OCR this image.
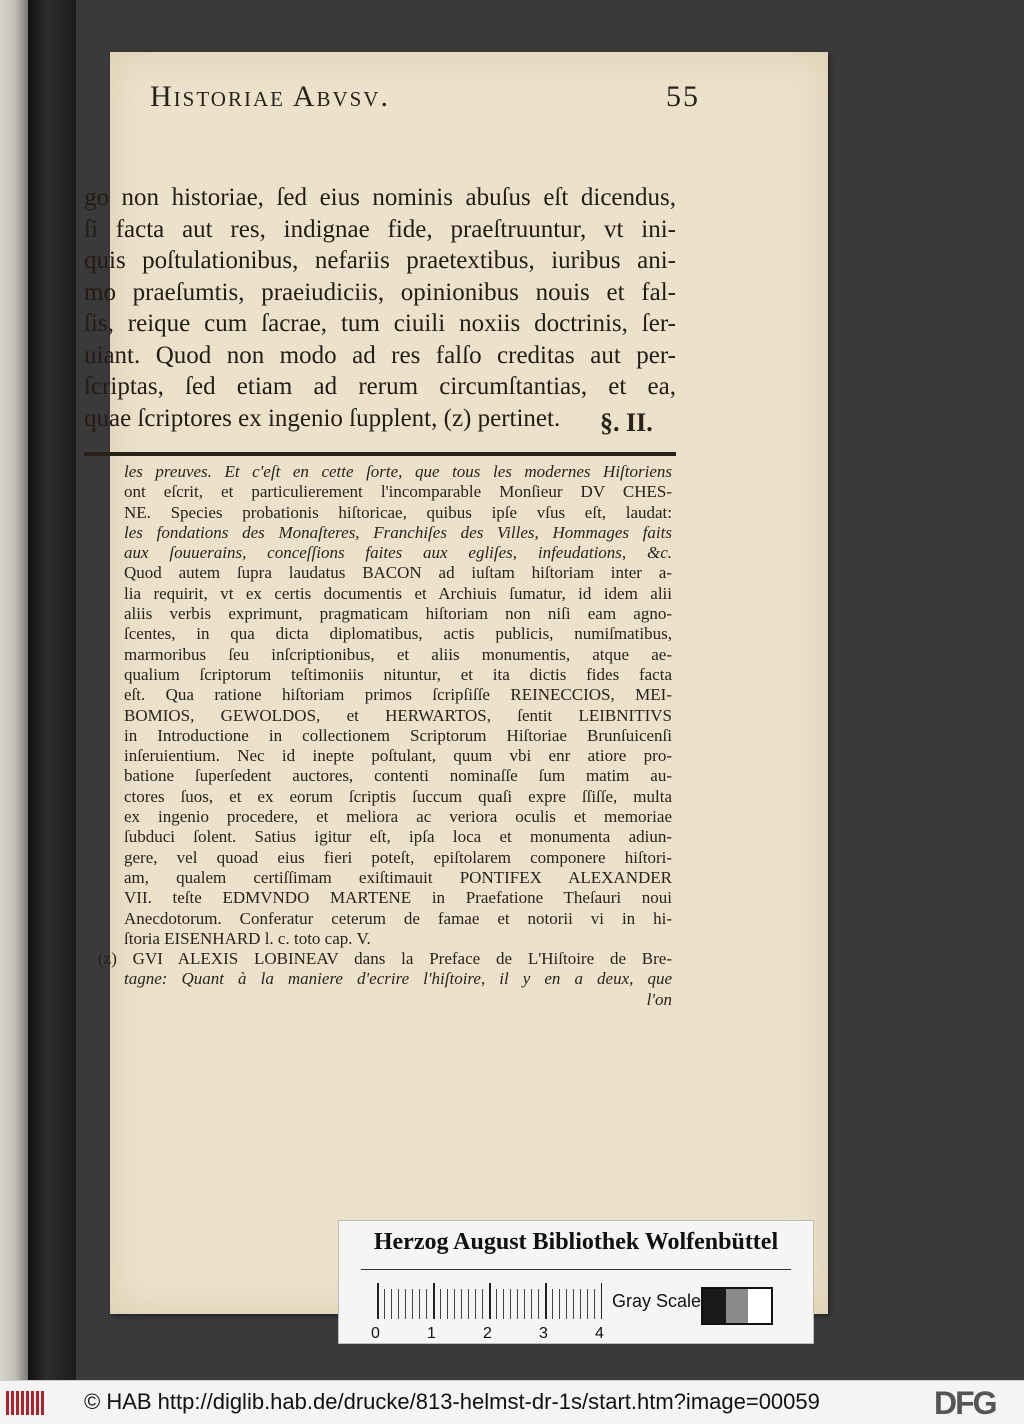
Historiae Abvsv.	55
go non historiae, ſed eius nominis abuſus eſt dicendus,
ſi facta aut res, indignae fide, praeſtruuntur, vt ini-
quis poſtulationibus, nefariis praetextibus, iuribus ani-
mo praeſumtis, praeiudiciis, opinionibus nouis et fal-
ſis, reique cum ſacrae, tum ciuili noxiis doctrinis, ſer-
uiant. Quod non modo ad res falſo creditas aut per-
ſcriptas, ſed etiam ad rerum circumſtantias, et ea,
quae ſcriptores ex ingenio ſupplent, (z) pertinet.	§. II.
les preuves. Et c'eſt en cette ſorte, que tous les modernes Hiſtoriens
ont eſcrit, et particulierement l'incomparable Monſieur DV CHES-
NE. Species probationis hiſtoricae, quibus ipſe vſus eſt, laudat:
les fondations des Monaſteres, Franchiſes des Villes, Hommages faits
aux ſouuerains, conceſſions faites aux egliſes, infeudations, &c.
Quod autem ſupra laudatus BACON ad iuſtam hiſtoriam inter a-
lia requirit, vt ex certis documentis et Archiuis ſumatur, id idem alii
aliis verbis exprimunt, pragmaticam hiſtoriam non niſi eam agno-
ſcentes, in qua dicta diplomatibus, actis publicis, numiſmatibus,
marmoribus ſeu inſcriptionibus, et aliis monumentis, atque ae-
qualium ſcriptorum teſtimoniis nituntur, et ita dictis fides facta
eſt. Qua ratione hiſtoriam primos ſcripſiſſe REINECCIOS, MEI-
BOMIOS, GEWOLDOS, et HERWARTOS, ſentit LEIBNITIVS
in Introductione in collectionem Scriptorum Hiſtoriae Brunſuicenſi
inſeruientium. Nec id inepte poſtulant, quum vbi enr atiore pro-
batione ſuperſedent auctores, contenti nominaſſe ſum matim au-
ctores ſuos, et ex eorum ſcriptis ſuccum quaſi expre ſſiſſe, multa
ex ingenio procedere, et meliora ac veriora oculis et memoriae
ſubduci ſolent. Satius igitur eſt, ipſa loca et monumenta adiun-
gere, vel quoad eius fieri poteſt, epiſtolarem componere hiſtori-
am, qualem certiſſimam exiſtimauit PONTIFEX ALEXANDER
VII. teſte EDMVNDO MARTENE in Praefatione Theſauri noui
Anecdotorum. Conferatur ceterum de famae et notorii vi in hi-
ſtoria EISENHARD l. c. toto cap. V.
(z) GVI ALEXIS LOBINEAV dans la Preface de L'Hiſtoire de Bre-
tagne: Quant à la maniere d'ecrire l'hiſtoire, il y en a deux, que
l'on
Herzog August Bibliothek Wolfenbüttel
0	1	2	3	4
Gray Scale
© HAB http://diglib.hab.de/drucke/813-helmst-dr-1s/start.htm?image=00059	DFG
